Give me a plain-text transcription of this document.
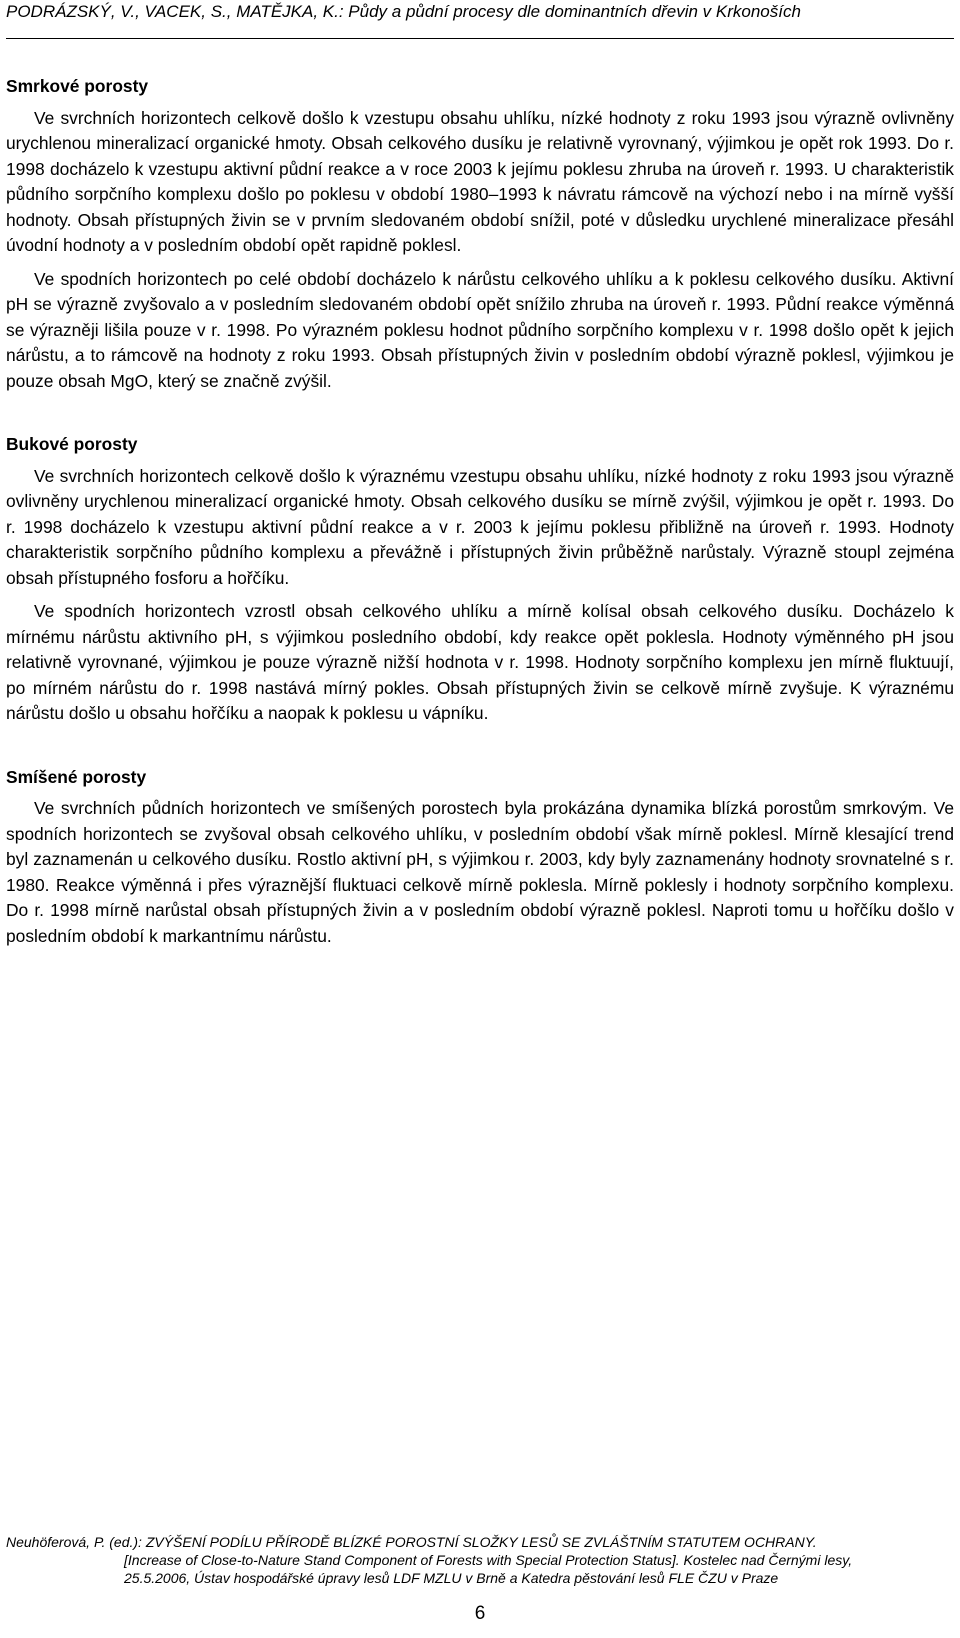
PODRÁZSKÝ, V., VACEK, S., MATĚJKA, K.: Půdy a půdní procesy dle dominantních dřevin v Krkonoších
Smrkové porosty

Ve svrchních horizontech celkově došlo k vzestupu obsahu uhlíku, nízké hodnoty z roku 1993 jsou výrazně ovlivněny urychlenou mineralizací organické hmoty. Obsah celkového dusíku je relativně vyrovnaný, výjimkou je opět rok 1993. Do r. 1998 docházelo k vzestupu aktivní půdní reakce a v roce 2003 k jejímu poklesu zhruba na úroveň r. 1993. U charakteristik půdního sorpčního komplexu došlo po poklesu v období 1980–1993 k návratu rámcově na výchozí nebo i na mírně vyšší hodnoty. Obsah přístupných živin se v prvním sledovaném období snížil, poté v důsledku urychlené mineralizace přesáhl úvodní hodnoty a v posledním období opět rapidně poklesl.

Ve spodních horizontech po celé období docházelo k nárůstu celkového uhlíku a k poklesu celkového dusíku. Aktivní pH se výrazně zvyšovalo a v posledním sledovaném období opět snížilo zhruba na úroveň r. 1993. Půdní reakce výměnná se výrazněji lišila pouze v r. 1998. Po výrazném poklesu hodnot půdního sorpčního komplexu v r. 1998 došlo opět k jejich nárůstu, a to rámcově na hodnoty z roku 1993. Obsah přístupných živin v posledním období výrazně poklesl, výjimkou je pouze obsah MgO, který se značně zvýšil.

Bukové porosty

Ve svrchních horizontech celkově došlo k výraznému vzestupu obsahu uhlíku, nízké hodnoty z roku 1993 jsou výrazně ovlivněny urychlenou mineralizací organické hmoty. Obsah celkového dusíku se mírně zvýšil, výjimkou je opět r. 1993. Do r. 1998 docházelo k vzestupu aktivní půdní reakce a v r. 2003 k jejímu poklesu přibližně na úroveň r. 1993. Hodnoty charakteristik sorpčního půdního komplexu a převážně i přístupných živin průběžně narůstaly. Výrazně stoupl zejména obsah přístupného fosforu a hořčíku.

Ve spodních horizontech vzrostl obsah celkového uhlíku a mírně kolísal obsah celkového dusíku. Docházelo k mírnému nárůstu aktivního pH, s výjimkou posledního období, kdy reakce opět poklesla. Hodnoty výměnného pH jsou relativně vyrovnané, výjimkou je pouze výrazně nižší hodnota v r. 1998. Hodnoty sorpčního komplexu jen mírně fluktuují, po mírném nárůstu do r. 1998 nastává mírný pokles. Obsah přístupných živin se celkově mírně zvyšuje. K výraznému nárůstu došlo u obsahu hořčíku a naopak k poklesu u vápníku.

Smíšené porosty

Ve svrchních půdních horizontech ve smíšených porostech byla prokázána dynamika blízká porostům smrkovým. Ve spodních horizontech se zvyšoval obsah celkového uhlíku, v posledním období však mírně poklesl. Mírně klesající trend byl zaznamenán u celkového dusíku. Rostlo aktivní pH, s výjimkou r. 2003, kdy byly zaznamenány hodnoty srovnatelné s r. 1980. Reakce výměnná i přes výraznější fluktuaci celkově mírně poklesla. Mírně poklesly i hodnoty sorpčního komplexu. Do r. 1998 mírně narůstal obsah přístupných živin a v posledním období výrazně poklesl. Naproti tomu u hořčíku došlo v posledním období k markantnímu nárůstu.

Neuhöferová, P. (ed.): ZVÝŠENÍ PODÍLU PŘÍRODĚ BLÍZKÉ POROSTNÍ SLOŽKY LESŮ SE ZVLÁŠTNÍM STATUTEM OCHRANY.
[Increase of Close-to-Nature Stand Component of Forests with Special Protection Status]. Kostelec nad Černými lesy,
25.5.2006, Ústav hospodářské úpravy lesů LDF MZLU v Brně a Katedra pěstování lesů FLE ČZU v Praze
6
